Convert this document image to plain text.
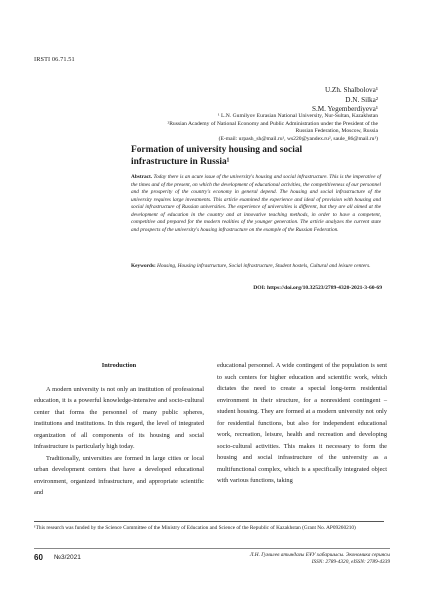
IRSTI 06.71.51
U.Zh. Shalbolova¹
D.N. Silka²
S.M. Yegemberdiyeva¹
¹ L.N. Gumilyov Eurasian National University, Nur-Sultan, Kazakhstan
²Russian Academy of National Economy and Public Administration under the President of the
Russian Federation, Moscow, Russia
(E-mail: urpash_sh@mail.ru¹, ws220@yandex.ru², saule_86@mail.ru¹)
Formation of university housing and social infrastructure in Russia¹
Abstract. Today there is an acute issue of the university's housing and social infrastructure. This is the imperative of the times and of the present, on which the development of educational activities, the competitiveness of our personnel and the prosperity of the country's economy in general depend. The housing and social infrastructure of the university requires large investments. This article examined the experience and ideal of provision with housing and social infrastructure of Russian universities. The experience of universities is different, but they are all aimed at the development of education in the country and at innovative teaching methods, in order to have a competent, competitive and prepared for the modern realities of the younger generation. The article analyzes the current state and prospects of the university's housing infrastructure on the example of the Russian Federation.
Keywords: Housing, Housing infrastructure, Social infrastructure, Student hostels, Cultural and leisure centers.
DOI: https://doi.org/10.32523/2789-4320-2021-3-60-69

Introduction

A modern university is not only an institution of professional education, it is a powerful knowledge-intensive and socio-cultural center that forms the personnel of many public spheres, institutions and institutions. In this regard, the level of integrated organization of all components of its housing and social infrastructure is particularly high today.

Traditionally, universities are formed in large cities or local urban development centers that have a developed educational environment, organized infrastructure, and appropriate scientific and

educational personnel. A wide contingent of the population is sent to such centers for higher education and scientific work, which dictates the need to create a special long-term residential environment in their structure, for a nonresident contingent – student housing. They are formed at a modern university not only for residential functions, but also for independent educational work, recreation, leisure, health and recreation and developing socio-cultural activities. This makes it necessary to form the housing and social infrastructure of the university as a multifunctional complex, which is a specifically integrated object with various functions, taking

¹This research was funded by the Science Committee of the Ministry of Education and Science of the Republic of Kazakhstan (Grant No. AP09260210)
60 №3/2021	Л.Н. Гумилев атындағы ЕҰУ хабаршысы. Экономика сериясы
ISSN: 2789-4320, eISSN: 2789-4339
